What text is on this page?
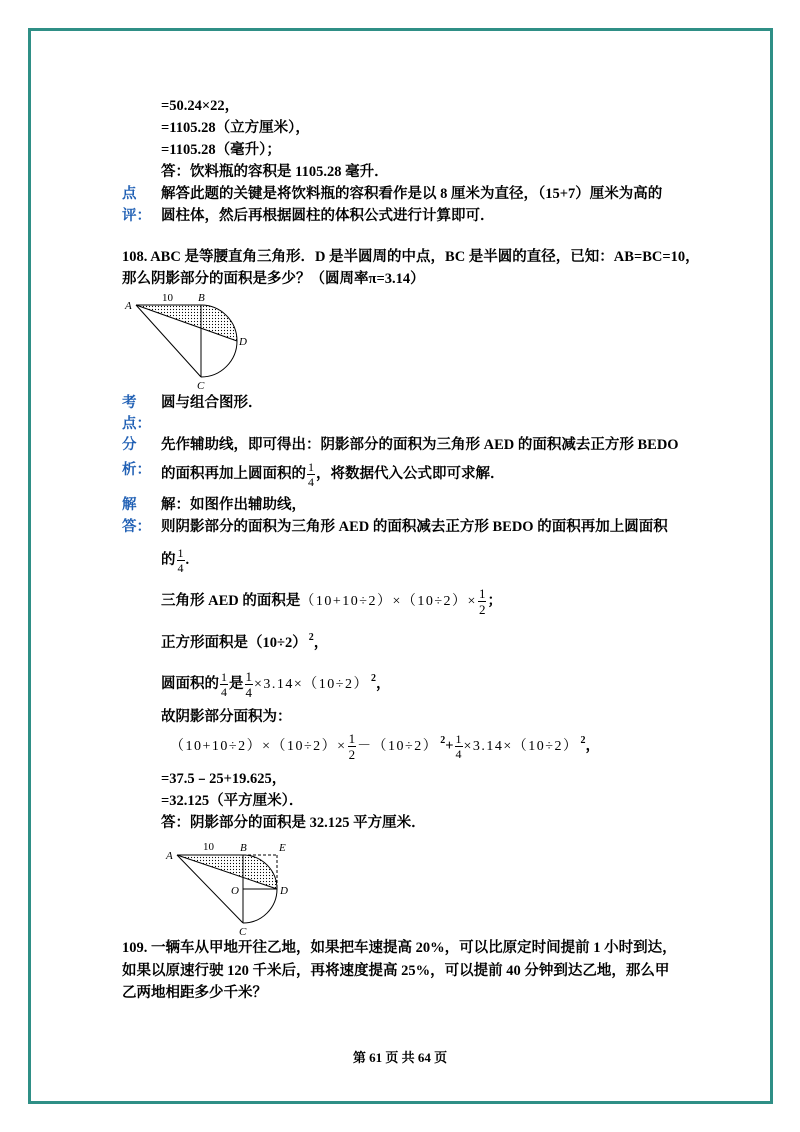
=50.24×22，
=1105.28（立方厘米），
=1105.28（毫升）；
答：饮料瓶的容积是 1105.28 毫升．
点
评：
解答此题的关键是将饮料瓶的容积看作是以 8 厘米为直径，（15+7）厘米为高的
圆柱体，然后再根据圆柱的体积公式进行计算即可．
108. ABC 是等腰直角三角形．D 是半圆周的中点，BC 是半圆的直径，已知：AB=BC=10，
那么阴影部分的面积是多少？（圆周率π=3.14）
A
10 B
C
D
考
点：
圆与组合图形．
分
析：
先作辅助线，即可得出：阴影部分的面积为三角形 AED 的面积减去正方形 BEDO
的面积再加上圆面积的 $\frac{1}{4}$ ，将数据代入公式即可求解．
解
答：
解：如图作出辅助线，
则阴影部分的面积为三角形 AED 的面积减去正方形 BEDO 的面积再加上圆面积
的 $\frac{1}{4}$ .
三角形 AED 的面积是$(10+10\div 2)\times(10\div 2)\times \frac{1}{2}$ ；
正方形面积是（10÷2） $^2$，
圆面积的 $\frac{1}{4}$ 是 $\frac{1}{4} \times 3.14\times(10\div 2)$ $^2$，
故阴影部分面积为：
$(10+10\div 2)\times(10\div 2)\times \frac{1}{2} -(10\div 2)$ $^2+ \frac{1}{4} \times 3.14\times(10\div 2)$ $^2$，
=37.5﹣25+19.625，
=32.125（平方厘米）．
答：阴影部分的面积是 32.125 平方厘米．
A
10 B	E
O	D
C
109. 一辆车从甲地开往乙地，如果把车速提高 20%，可以比原定时间提前 1 小时到达，
如果以原速行驶 120 千米后，再将速度提高 25%，可以提前 40 分钟到达乙地，那么甲
乙两地相距多少千米？
第 61 页 共 64 页
